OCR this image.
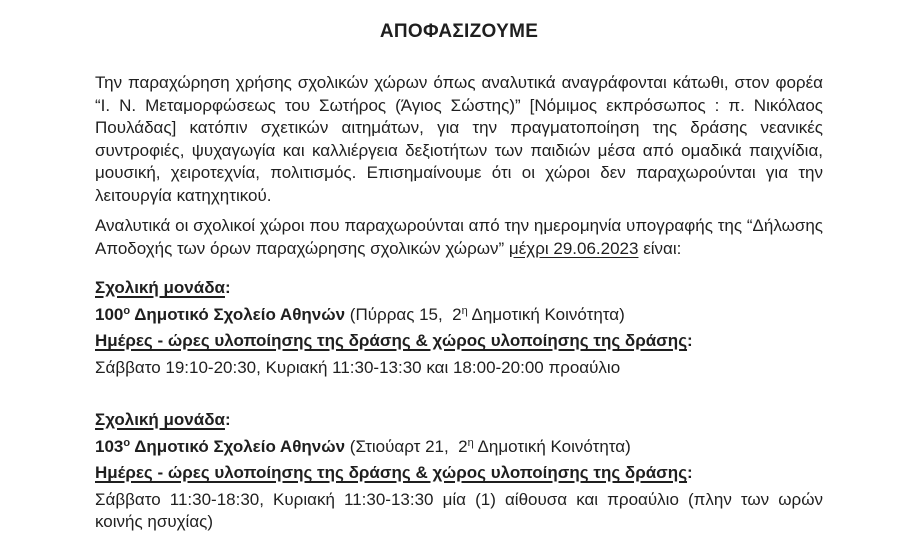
ΑΠΟΦΑΣΙΖΟΥΜΕ

Την παραχώρηση χρήσης σχολικών χώρων όπως αναλυτικά αναγράφονται κάτωθι, στον φορέα “Ι. Ν. Μεταμορφώσεως του Σωτήρος (Άγιος Σώστης)” [Νόμιμος εκπρόσωπος : π. Νικόλαος Πουλάδας] κατόπιν σχετικών αιτημάτων, για την πραγματοποίηση της δράσης νεανικές συντροφιές, ψυχαγωγία και καλλιέργεια δεξιοτήτων των παιδιών μέσα από ομαδικά παιχνίδια, μουσική, χειροτεχνία, πολιτισμός. Επισημαίνουμε ότι οι χώροι δεν παραχωρούνται για την λειτουργία κατηχητικού.

Αναλυτικά οι σχολικοί χώροι που παραχωρούνται από την ημερομηνία υπογραφής της “Δήλωσης Αποδοχής των όρων παραχώρησης σχολικών χώρων” μέχρι 29.06.2023 είναι:

Σχολική μονάδα:

$100^o$ Δημοτικό Σχολείο Αθηνών (Πύρρας 15,  $2^\eta$ Δημοτική Κοινότητα)

Ημέρες - ώρες υλοποίησης της δράσης & χώρος υλοποίησης της δράσης:

Σάββατο 19:10-20:30, Κυριακή 11:30-13:30 και 18:00-20:00 προαύλιο

Σχολική μονάδα:

$103^o$ Δημοτικό Σχολείο Αθηνών (Στιούαρτ 21,  $2^\eta$ Δημοτική Κοινότητα)

Ημέρες - ώρες υλοποίησης της δράσης & χώρος υλοποίησης της δράσης:

Σάββατο 11:30-18:30, Κυριακή 11:30-13:30 μία (1) αίθουσα και προαύλιο (πλην των ωρών κοινής ησυχίας)
